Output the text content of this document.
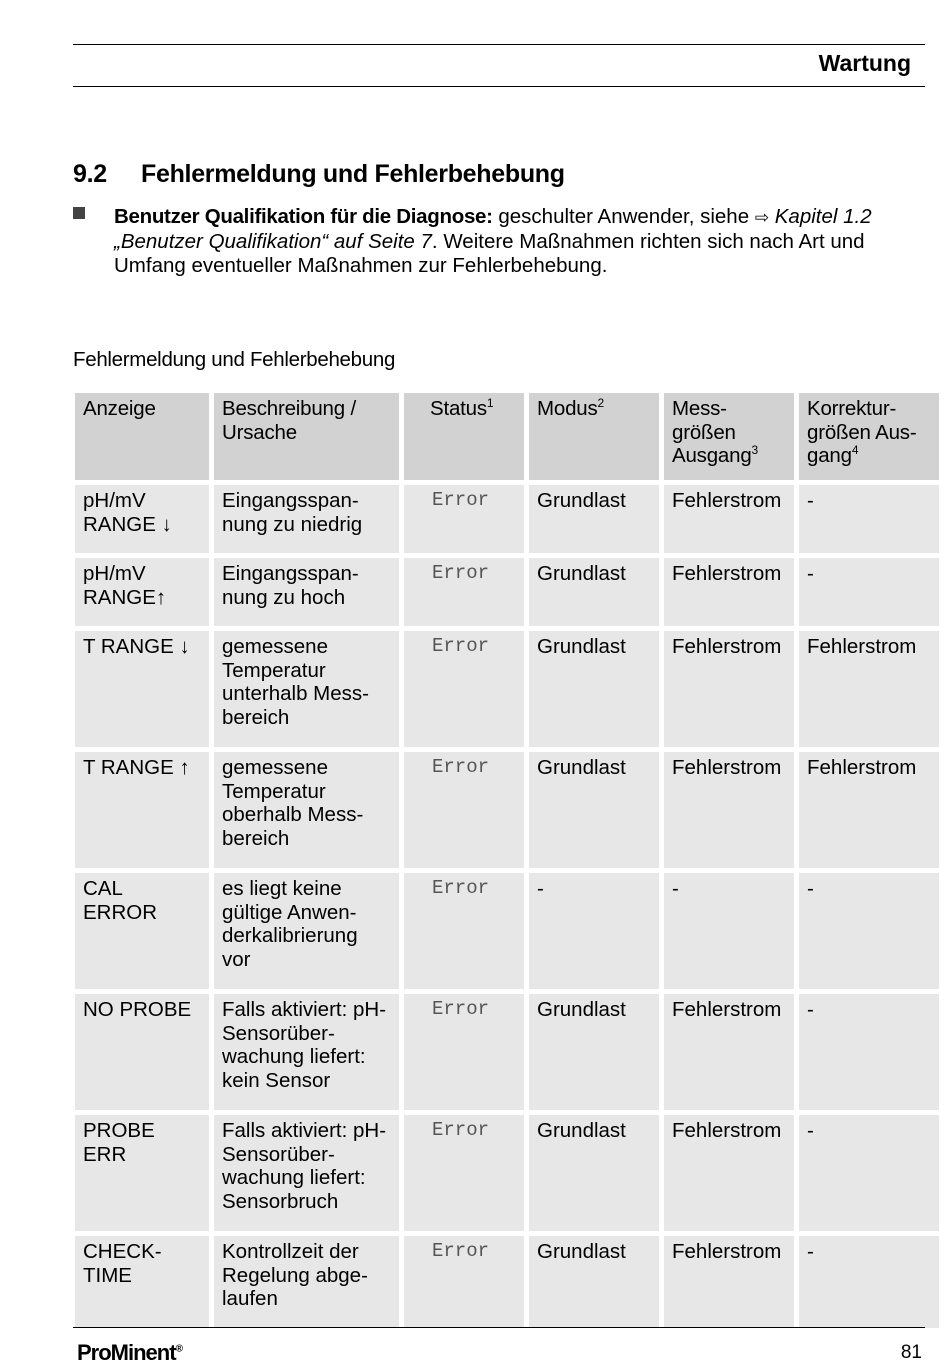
Wartung
9.2 Fehlermeldung und Fehlerbehebung
Benutzer Qualifikation für die Diagnose: geschulter Anwender, siehe ⇨ Kapitel 1.2 „Benutzer Qualifikation“ auf Seite 7. Weitere Maßnahmen richten sich nach Art und Umfang eventueller Maßnahmen zur Fehlerbehebung.
Fehlermeldung und Fehlerbehebung
Anzeige	Beschreibung / Ursache	Status$^1$	Modus$^2$	Mess-größen Ausgang$^3$	Korrektur-größen Aus-gang$^4$
pH/mV RANGE ↓	Eingangsspan-nung zu niedrig	Error	Grundlast	Fehlerstrom	-
pH/mV RANGE↑	Eingangsspan-nung zu hoch	Error	Grundlast	Fehlerstrom	-
T RANGE ↓	gemessene Temperatur unterhalb Mess-bereich	Error	Grundlast	Fehlerstrom	Fehlerstrom
T RANGE ↑	gemessene Temperatur oberhalb Mess-bereich	Error	Grundlast	Fehlerstrom	Fehlerstrom
CAL ERROR	es liegt keine gültige Anwen-derkalibrierung vor	Error	-	-	-
NO PROBE	Falls aktiviert: pH-Sensorüber-wachung liefert: kein Sensor	Error	Grundlast	Fehlerstrom	-
PROBE ERR	Falls aktiviert: pH-Sensorüber-wachung liefert: Sensorbruch	Error	Grundlast	Fehlerstrom	-
CHECK-TIME	Kontrollzeit der Regelung abge-laufen	Error	Grundlast	Fehlerstrom	-
ProMinent®	81
